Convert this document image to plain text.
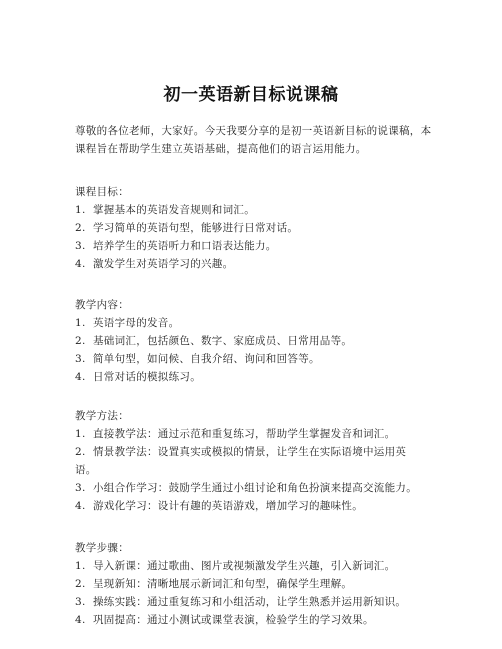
初一英语新目标说课稿
尊敬的各位老师，大家好。今天我要分享的是初一英语新目标的说课稿，本课程旨在帮助学生建立英语基础，提高他们的语言运用能力。
课程目标：
1. 掌握基本的英语发音规则和词汇。
2. 学习简单的英语句型，能够进行日常对话。
3. 培养学生的英语听力和口语表达能力。
4. 激发学生对英语学习的兴趣。
教学内容：
1. 英语字母的发音。
2. 基础词汇，包括颜色、数字、家庭成员、日常用品等。
3. 简单句型，如问候、自我介绍、询问和回答等。
4. 日常对话的模拟练习。
教学方法：
1. 直接教学法：通过示范和重复练习，帮助学生掌握发音和词汇。
2. 情景教学法：设置真实或模拟的情景，让学生在实际语境中运用英
语。
3. 小组合作学习：鼓励学生通过小组讨论和角色扮演来提高交流能力。
4. 游戏化学习：设计有趣的英语游戏，增加学习的趣味性。
教学步骤：
1. 导入新课：通过歌曲、图片或视频激发学生兴趣，引入新词汇。
2. 呈现新知：清晰地展示新词汇和句型，确保学生理解。
3. 操练实践：通过重复练习和小组活动，让学生熟悉并运用新知识。
4. 巩固提高：通过小测试或课堂表演，检验学生的学习效果。
